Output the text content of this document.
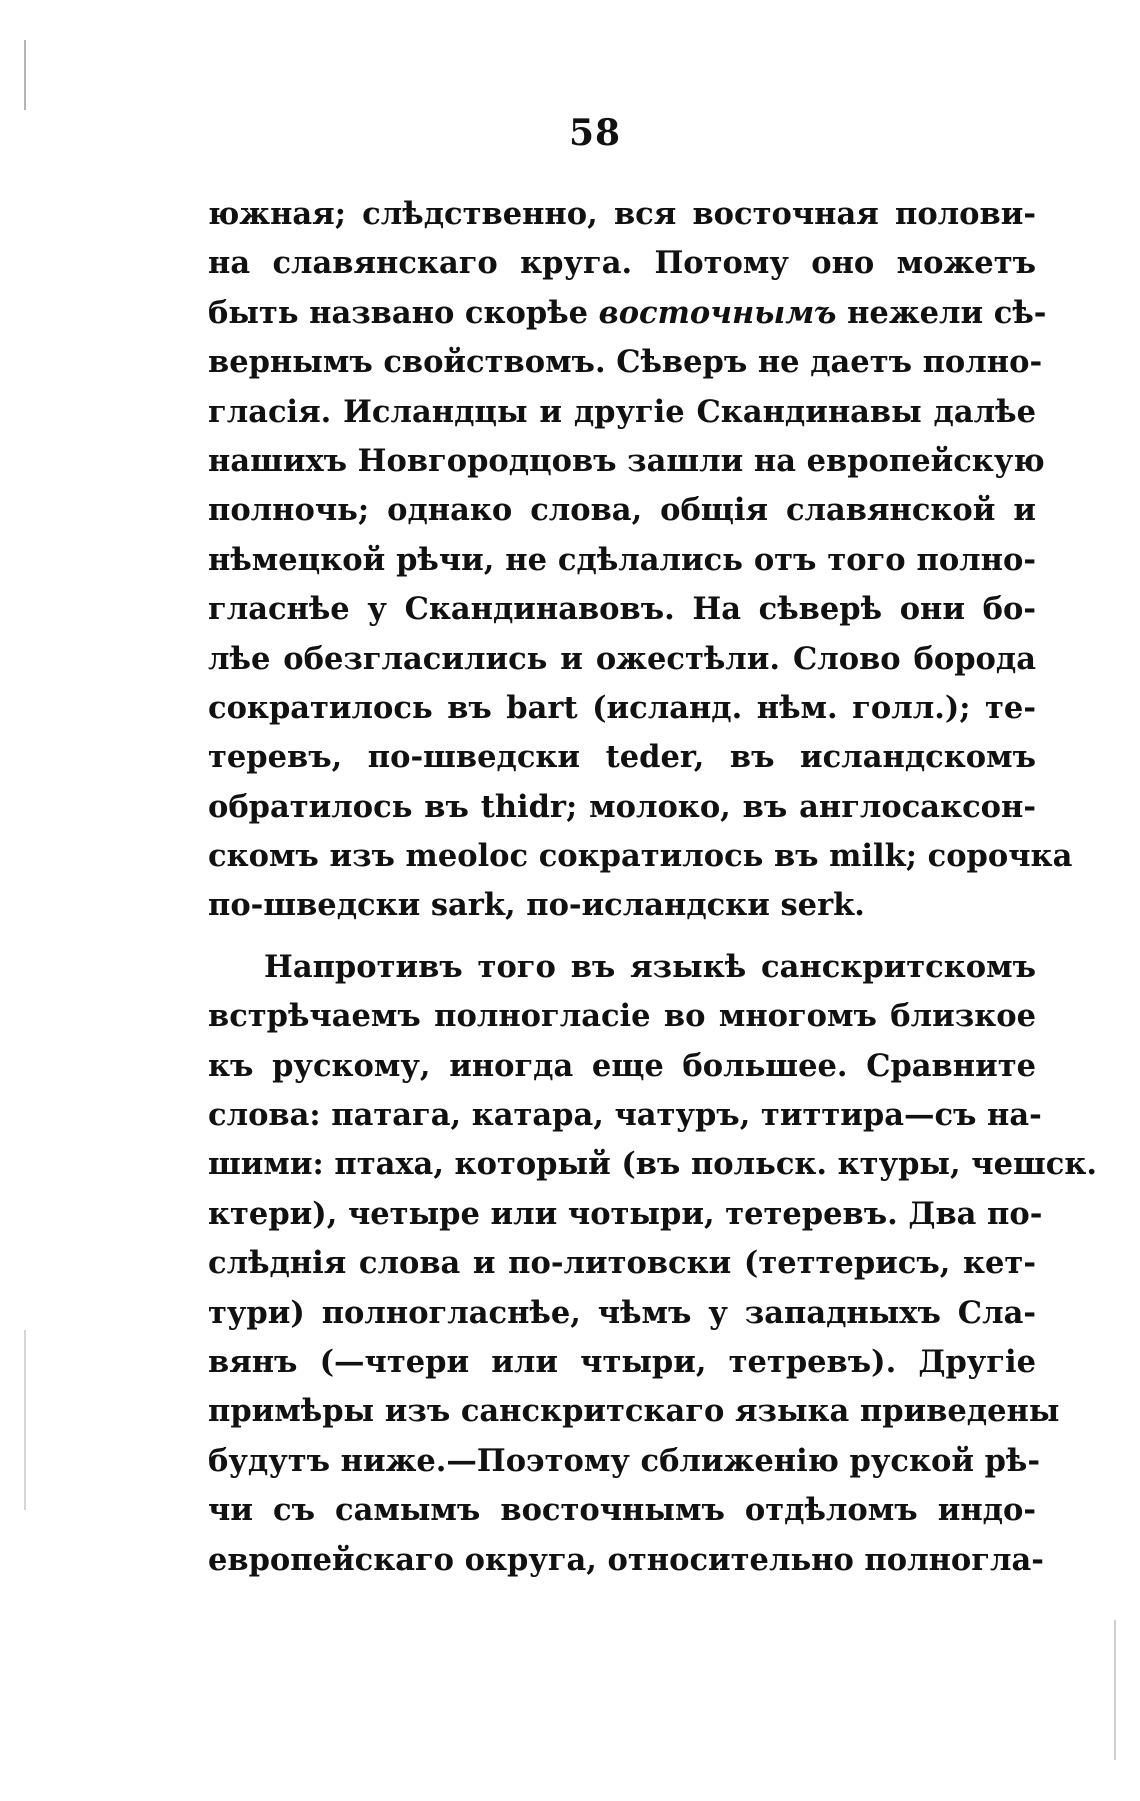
58
южная; слѣдственно, вся восточная полови-
на славянскаго круга. Потому оно можетъ
быть названо скорѣе восточнымъ нежели сѣ-
вернымъ свойствомъ. Сѣверъ не даетъ полно-
гласія. Исландцы и другіе Скандинавы далѣе
нашихъ Новгородцовъ зашли на европейскую
полночь; однако слова, общія славянской и
нѣмецкой рѣчи, не сдѣлались отъ того полно-
гласнѣе у Скандинавовъ. На сѣверѣ они бо-
лѣе обезгласились и ожестѣли. Слово борода
сократилось въ bart (исланд. нѣм. голл.); те-
теревъ, по-шведски teder, въ исландскомъ
обратилось въ thidr; молоко, въ англосаксон-
скомъ изъ meoloc сократилось въ milk; сорочка
по-шведски sark, по-исландски serk.
Напротивъ того въ языкѣ санскритскомъ
встрѣчаемъ полногласіе во многомъ близкое
къ рускому, иногда еще большее. Сравните
слова: патага, катара, чатуръ, титтира—съ на-
шими: птаха, который (въ польск. ктуры, чешск.
ктери), четыре или чотыри, тетеревъ. Два по-
слѣднія слова и по-литовски (теттерисъ, кет-
тури) полногласнѣе, чѣмъ у западныхъ Сла-
вянъ (—чтери или чтыри, тетревъ). Другіе
примѣры изъ санскритскаго языка приведены
будутъ ниже.—Поэтому сближенію руской рѣ-
чи съ самымъ восточнымъ отдѣломъ индо-
европейскаго округа, относительно полногла-
